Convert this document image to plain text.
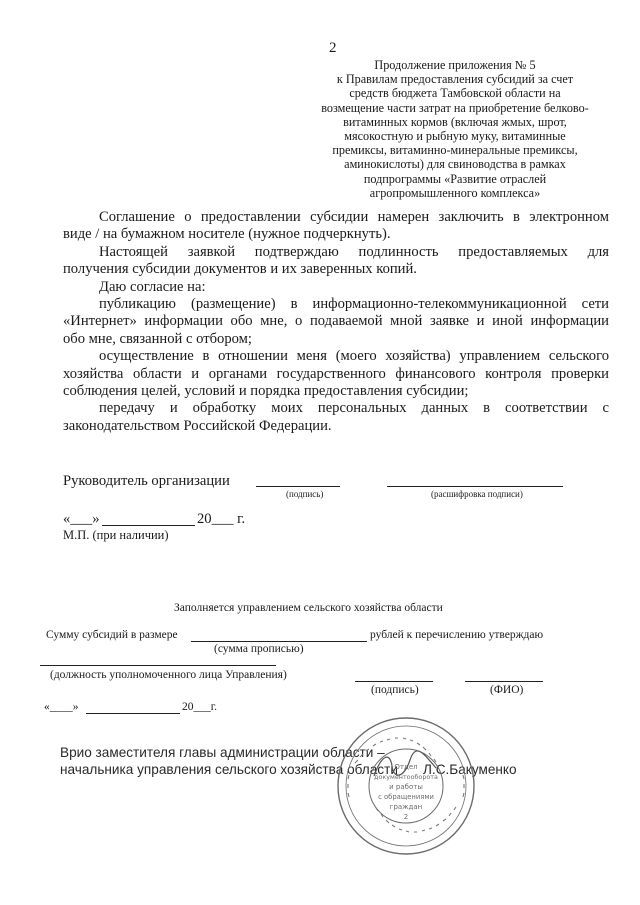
2
Продолжение приложения № 5
к Правилам предоставления субсидий за счет
средств бюджета Тамбовской области на
возмещение части затрат на приобретение белково-
витаминных кормов (включая жмых, шрот,
мясокостную и рыбную муку, витаминные
премиксы, витаминно-минеральные премиксы,
аминокислоты) для свиноводства в рамках
подпрограммы «Развитие отраслей
агропромышленного комплекса»
Соглашение о предоставлении субсидии намерен заключить в электронном
виде / на бумажном носителе (нужное подчеркнуть).
Настоящей заявкой подтверждаю подлинность предоставляемых для
получения субсидии документов и их заверенных копий.
Даю согласие на:
публикацию (размещение) в информационно-телекоммуникационной сети
«Интернет» информации обо мне, о подаваемой мной заявке и иной информации
обо мне, связанной с отбором;
осуществление в отношении меня (моего хозяйства) управлением сельского
хозяйства области и органами государственного финансового контроля проверки
соблюдения целей, условий и порядка предоставления субсидии;
передачу и обработку моих персональных данных в соответствии с
законодательством Российской Федерации.
Руководитель организации
(подпись)	(расшифровка подписи)
«___»	20___ г.
М.П. (при наличии)
Заполняется управлением сельского хозяйства области
Сумму субсидий в размере	рублей к перечислению утверждаю
(сумма прописью)
(должность уполномоченного лица Управления)
(подпись)	(ФИО)
«____»	20___г.
Врио заместителя главы администрации области –
начальника управления сельского хозяйства области Л.С.Бакуменко
Отдел
документооборота
и работы
с обращениями
граждан
2
